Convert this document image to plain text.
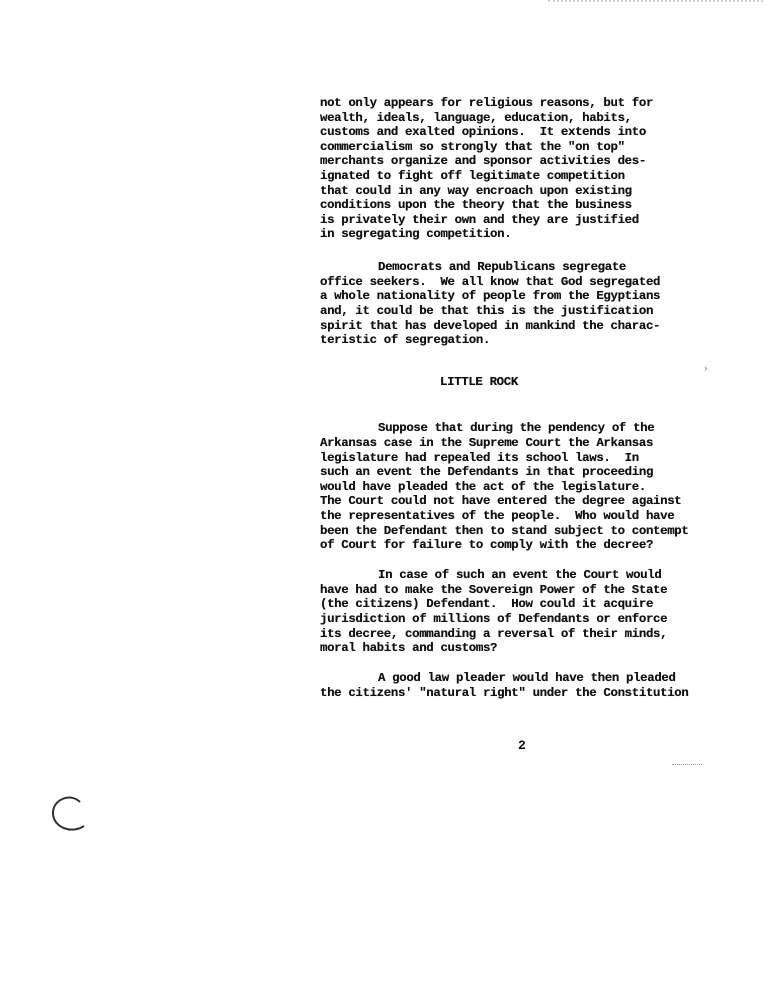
not only appears for religious reasons, but for
wealth, ideals, language, education, habits,
customs and exalted opinions.  It extends into
commercialism so strongly that the "on top"
merchants organize and sponsor activities des-
ignated to fight off legitimate competition
that could in any way encroach upon existing
conditions upon the theory that the business
is privately their own and they are justified
in segregating competition.
Democrats and Republicans segregate
office seekers.  We all know that God segregated
a whole nationality of people from the Egyptians
and, it could be that this is the justification
spirit that has developed in mankind the charac-
teristic of segregation.
LITTLE ROCK
Suppose that during the pendency of the
Arkansas case in the Supreme Court the Arkansas
legislature had repealed its school laws.  In
such an event the Defendants in that proceeding
would have pleaded the act of the legislature.
The Court could not have entered the degree against
the representatives of the people.  Who would have
been the Defendant then to stand subject to contempt
of Court for failure to comply with the decree?
In case of such an event the Court would
have had to make the Sovereign Power of the State
(the citizens) Defendant.  How could it acquire
jurisdiction of millions of Defendants or enforce
its decree, commanding a reversal of their minds,
moral habits and customs?
A good law pleader would have then pleaded
the citizens' "natural right" under the Constitution
›
2
